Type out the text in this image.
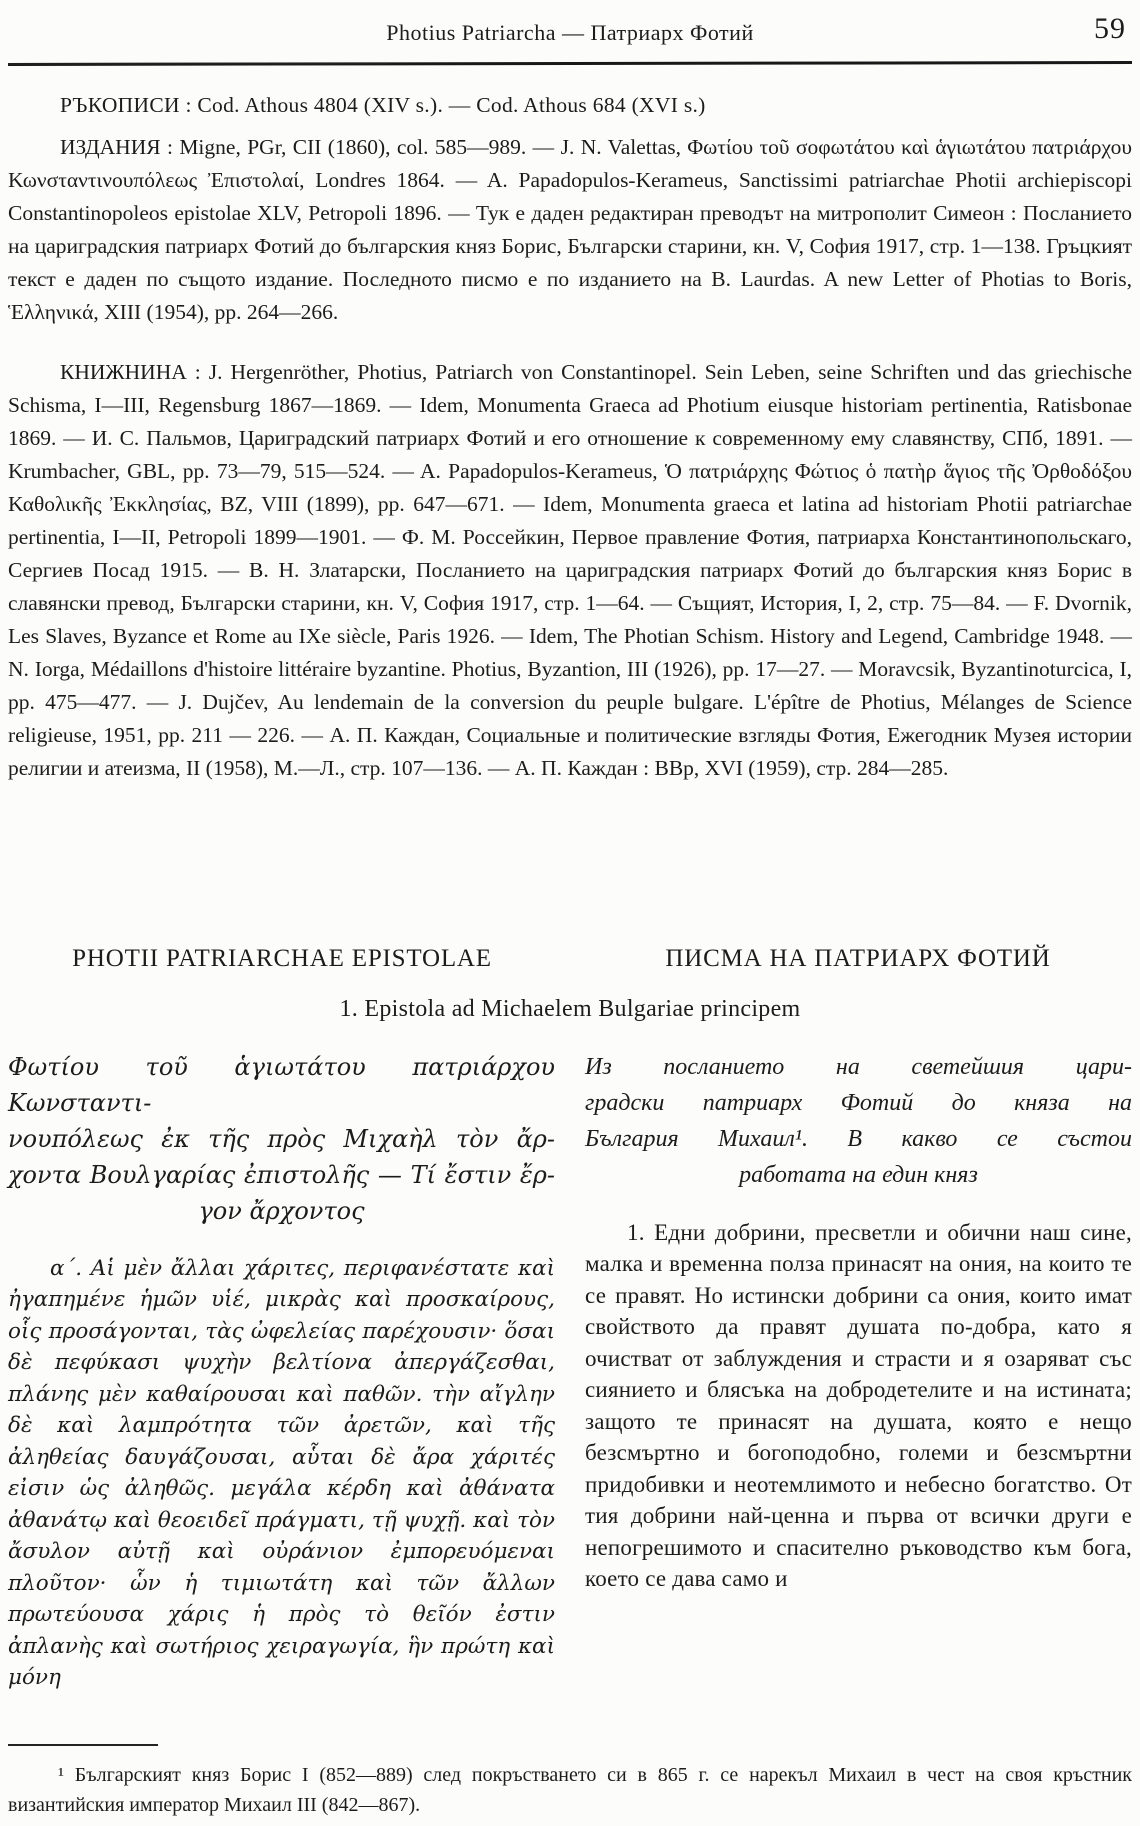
Photius Patriarcha — Патриарх Фотий	59
РЪКОПИСИ : Cod. Athous 4804 (XIV s.). — Cod. Athous 684 (XVI s.)

ИЗДАНИЯ : Migne, PGr, CII (1860), col. 585—989. — J. N. Valettas, Φωτίου τοῦ σοφωτάτου καὶ ἁγιωτάτου πατριάρχου Κωνσταντινουπόλεως Ἐπιστολαί, Londres 1864. — A. Papadopulos-Kerameus, Sanctissimi patriarchae Photii archiepiscopi Constantinopoleos epistolae XLV, Petropoli 1896. — Тук е даден редактиран преводът на митрополит Симеон : Посланието на цариградския патриарх Фотий до българския княз Борис, Български старини, кн. V, София 1917, стр. 1—138. Гръцкият текст е даден по същото издание. Последното писмо е по изданието на B. Laurdas. A new Letter of Photias to Boris, Ἑλληνικά, XIII (1954), pp. 264—266.

КНИЖНИНА : J. Hergenröther, Photius, Patriarch von Constantinopel. Sein Leben, seine Schriften und das griechische Schisma, I—III, Regensburg 1867—1869. — Idem, Monumenta Graeca ad Photium eiusque historiam pertinentia, Ratisbonae 1869. — И. С. Пальмов, Цариградский патриарх Фотий и его отношение к современному ему славянству, СПб, 1891. — Krumbacher, GBL, pp. 73—79, 515—524. — A. Papadopulos-Kerameus, Ὁ πατριάρχης Φώτιος ὁ πατὴρ ἅγιος τῆς Ὀρθοδόξου Καθολικῆς Ἐκκλησίας, BZ, VIII (1899), pp. 647—671. — Idem, Monumenta graeca et latina ad historiam Photii patriarchae pertinentia, I—II, Petropoli 1899—1901. — Ф. М. Россейкин, Первое правление Фотия, патриарха Константинопольскаго, Сергиев Посад 1915. — В. Н. Златарски, Посланието на цариградския патриарх Фотий до българския княз Борис в славянски превод, Български старини, кн. V, София 1917, стр. 1—64. — Същият, История, I, 2, стр. 75—84. — F. Dvornik, Les Slaves, Byzance et Rome au IXe siècle, Paris 1926. — Idem, The Photian Schism. History and Legend, Cambridge 1948. — N. Iorga, Médaillons d'histoire littéraire byzantine. Photius, Byzantion, III (1926), pp. 17—27. — Moravcsik, Byzantinoturcica, I, pp. 475—477. — J. Dujčev, Au lendemain de la conversion du peuple bulgare. L'épître de Photius, Mélanges de Science religieuse, 1951, pp. 211 — 226. — А. П. Каждан, Социальные и политические взгляды Фотия, Ежегодник Музея истории религии и атеизма, II (1958), М.—Л., стр. 107—136. — А. П. Каждан : ВВр, XVI (1959), стр. 284—285.

PHOTII PATRIARCHAE EPISTOLAE	ПИСМА НА ПАТРИАРХ ФОТИЙ
1. Epistola ad Michaelem Bulgariae principem
Φωτίου τοῦ ἁγιωτάτου πατριάρχου Κωνσταντι-
νουπόλεως ἐκ τῆς πρὸς Μιχαὴλ τὸν ἄρ-
χοντα Βουλγαρίας ἐπιστολῆς — Τί ἔστιν ἔρ-
γον ἄρχοντος

α΄. Αἱ μὲν ἄλλαι χάριτες, περιφανέστατε καὶ ἠγαπημένε ἡμῶν υἱέ, μικρὰς καὶ προσκαίρους, οἷς προσάγονται, τὰς ὠφελείας παρέχουσιν· ὅσαι δὲ πεφύκασι ψυχὴν βελτίονα ἀπεργάζεσθαι, πλάνης μὲν καθαίρουσαι καὶ παθῶν. τὴν αἴγλην δὲ καὶ λαμπρότητα τῶν ἀρετῶν, καὶ τῆς ἀληθείας δαυγάζουσαι, αὗται δὲ ἄρα χάριτές εἰσιν ὡς ἀληθῶς. μεγάλα κέρδη καὶ ἀθάνατα ἀθανάτῳ καὶ θεοειδεῖ πράγματι, τῇ ψυχῇ. καὶ τὸν ἄσυλον αὐτῇ καὶ οὐράνιον ἐμπορευόμεναι πλοῦτον· ὧν ἡ τιμιωτάτη καὶ τῶν ἄλλων πρωτεύουσα χάρις ἡ πρὸς τὸ θεῖόν ἐστιν ἀπλανὴς καὶ σωτήριος χειραγωγία, ἣν πρώτη καὶ μόνη

Из посланието на светейшия цари-
градски патриарх Фотий до княза на
България Михаил¹. В какво се състои
работата на един княз

1. Едни добрини, пресветли и обични наш сине, малка и временна полза принасят на ония, на които те се правят. Но истински добрини са ония, които имат свойството да правят душата по-добра, като я очистват от заблуждения и страсти и я озаряват със сиянието и блясъка на добродетелите и на истината; защото те принасят на душата, която е нещо безсмъртно и богоподобно, големи и безсмъртни придобивки и неотемлимото и небесно богатство. От тия добрини най-ценна и първа от всички други е непогрешимото и спасително ръководство към бога, което се дава само и

¹ Българският княз Борис I (852—889) след покръстването си в 865 г. се нарекъл Михаил в чест на своя кръстник византийския император Михаил III (842—867).
